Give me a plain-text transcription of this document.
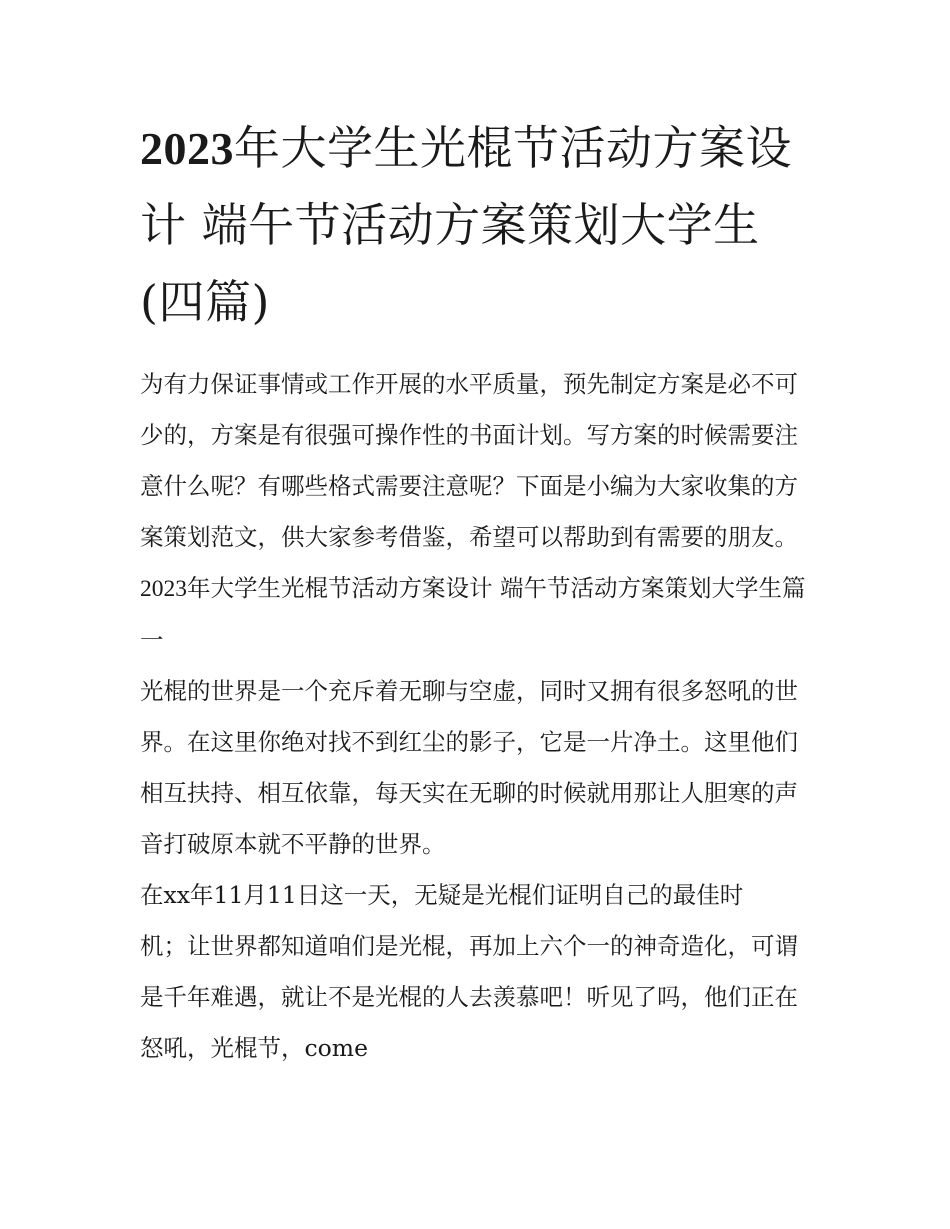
2023年大学生光棍节活动方案设计 端午节活动方案策划大学生(四篇)

为有力保证事情或工作开展的水平质量，预先制定方案是必不可少的，方案是有很强可操作性的书面计划。写方案的时候需要注意什么呢？有哪些格式需要注意呢？下面是小编为大家收集的方案策划范文，供大家参考借鉴，希望可以帮助到有需要的朋友。

2023年大学生光棍节活动方案设计 端午节活动方案策划大学生篇一

光棍的世界是一个充斥着无聊与空虚，同时又拥有很多怒吼的世界。在这里你绝对找不到红尘的影子，它是一片净土。这里他们相互扶持、相互依靠，每天实在无聊的时候就用那让人胆寒的声音打破原本就不平静的世界。

在xx年11月11日这一天，无疑是光棍们证明自己的最佳时
机；让世界都知道咱们是光棍，再加上六个一的神奇造化，可谓是千年难遇，就让不是光棍的人去羡慕吧！听见了吗，他们正在怒吼，光棍节，come
